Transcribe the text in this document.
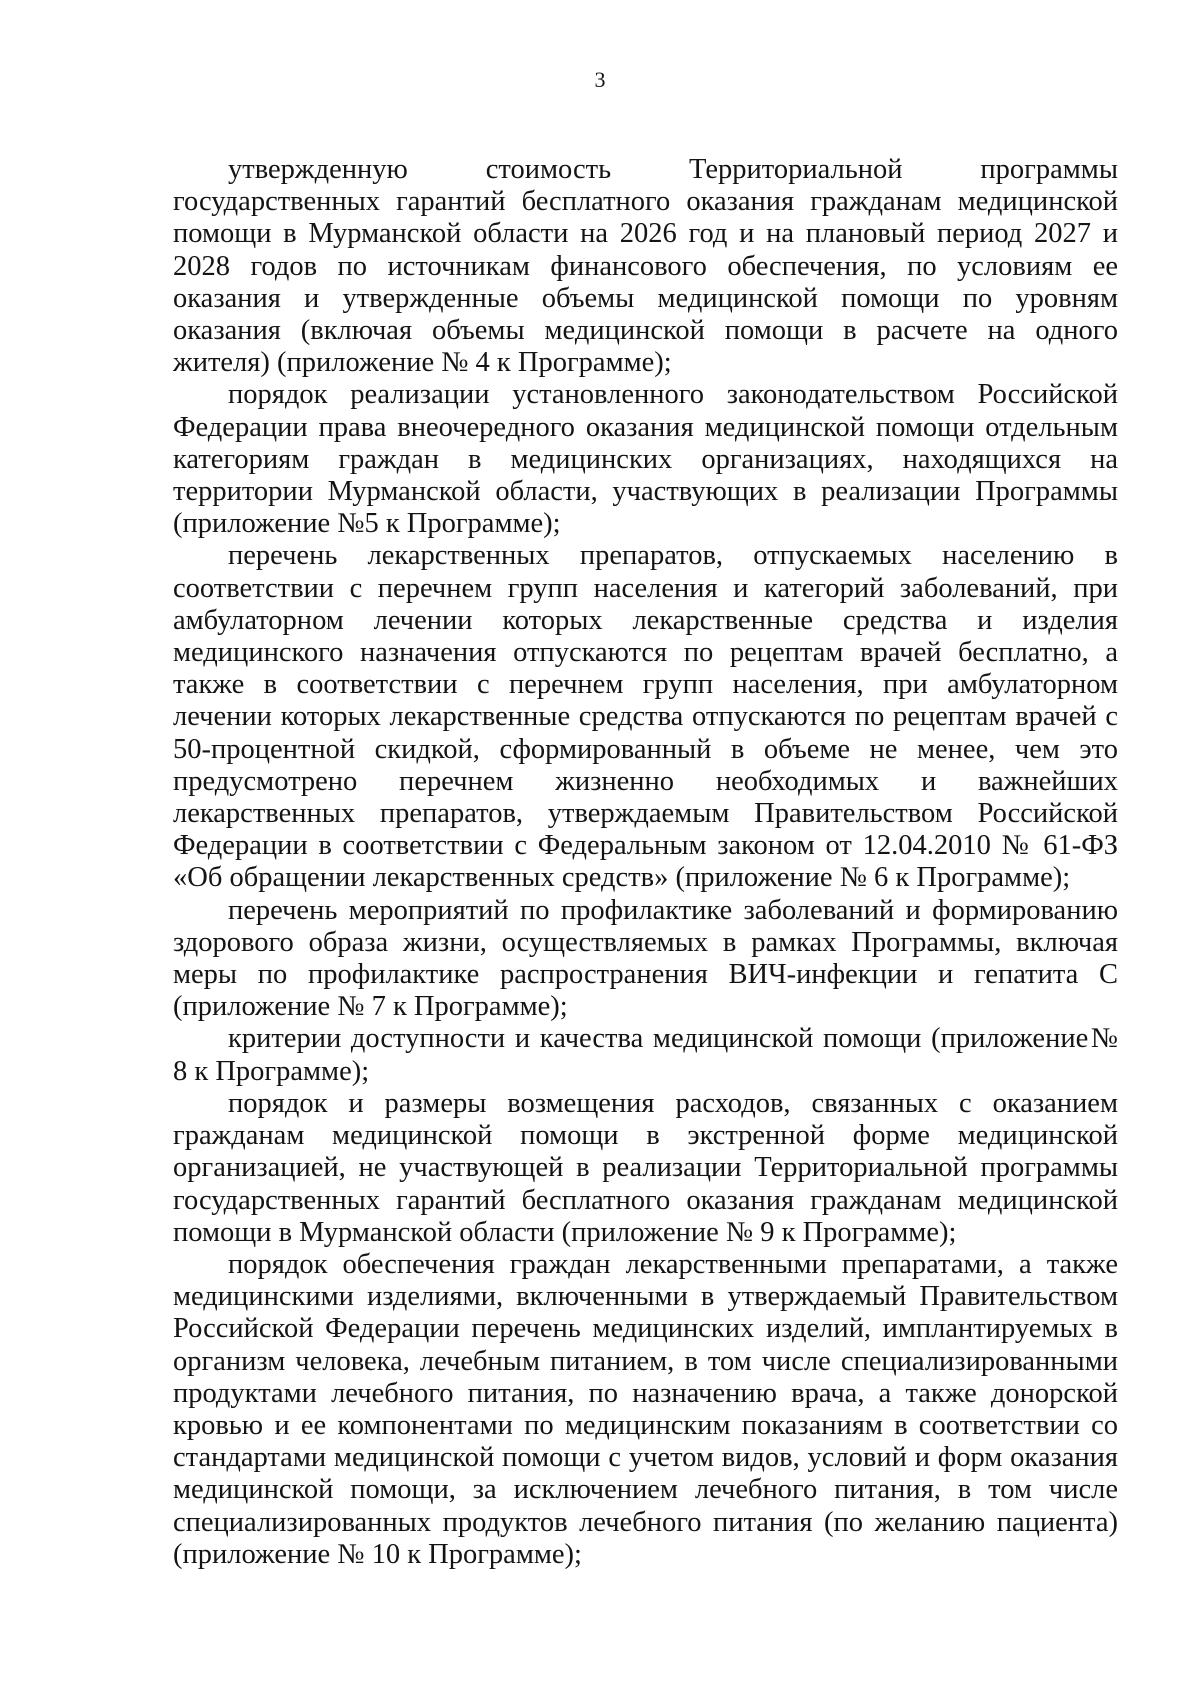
3

утвержденную стоимость Территориальной программы государственных гарантий бесплатного оказания гражданам медицинской помощи в Мурманской области на 2026 год и на плановый период 2027 и 2028 годов по источникам финансового обеспечения, по условиям ее оказания и утвержденные объемы медицинской помощи по уровням оказания (включая объемы медицинской помощи в расчете на одного жителя) (приложение № 4 к Программе);

порядок реализации установленного законодательством Российской Федерации права внеочередного оказания медицинской помощи отдельным категориям граждан в медицинских организациях, находящихся на территории Мурманской области, участвующих в реализации Программы (приложение №5 к Программе);

перечень лекарственных препаратов, отпускаемых населению в соответствии с перечнем групп населения и категорий заболеваний, при амбулаторном лечении которых лекарственные средства и изделия медицинского назначения отпускаются по рецептам врачей бесплатно, а также в соответствии с перечнем групп населения, при амбулаторном лечении которых лекарственные средства отпускаются по рецептам врачей с 50-процентной скидкой, сформированный в объеме не менее, чем это предусмотрено перечнем жизненно необходимых и важнейших лекарственных препаратов, утверждаемым Правительством Российской Федерации в соответствии с Федеральным законом от 12.04.2010 № 61-ФЗ «Об обращении лекарственных средств» (приложение № 6 к Программе);

перечень мероприятий по профилактике заболеваний и формированию здорового образа жизни, осуществляемых в рамках Программы, включая меры по профилактике распространения ВИЧ-инфекции и гепатита С (приложение № 7 к Программе);

критерии доступности и качества медицинской помощи (приложение№ 8 к Программе);

порядок и размеры возмещения расходов, связанных с оказанием гражданам медицинской помощи в экстренной форме медицинской организацией, не участвующей в реализации Территориальной программы государственных гарантий бесплатного оказания гражданам медицинской помощи в Мурманской области (приложение № 9 к Программе);

порядок обеспечения граждан лекарственными препаратами, а также медицинскими изделиями, включенными в утверждаемый Правительством Российской Федерации перечень медицинских изделий, имплантируемых в организм человека, лечебным питанием, в том числе специализированными продуктами лечебного питания, по назначению врача, а также донорской кровью и ее компонентами по медицинским показаниям в соответствии со стандартами медицинской помощи с учетом видов, условий и форм оказания медицинской помощи, за исключением лечебного питания, в том числе специализированных продуктов лечебного питания (по желанию пациента) (приложение № 10 к Программе);
